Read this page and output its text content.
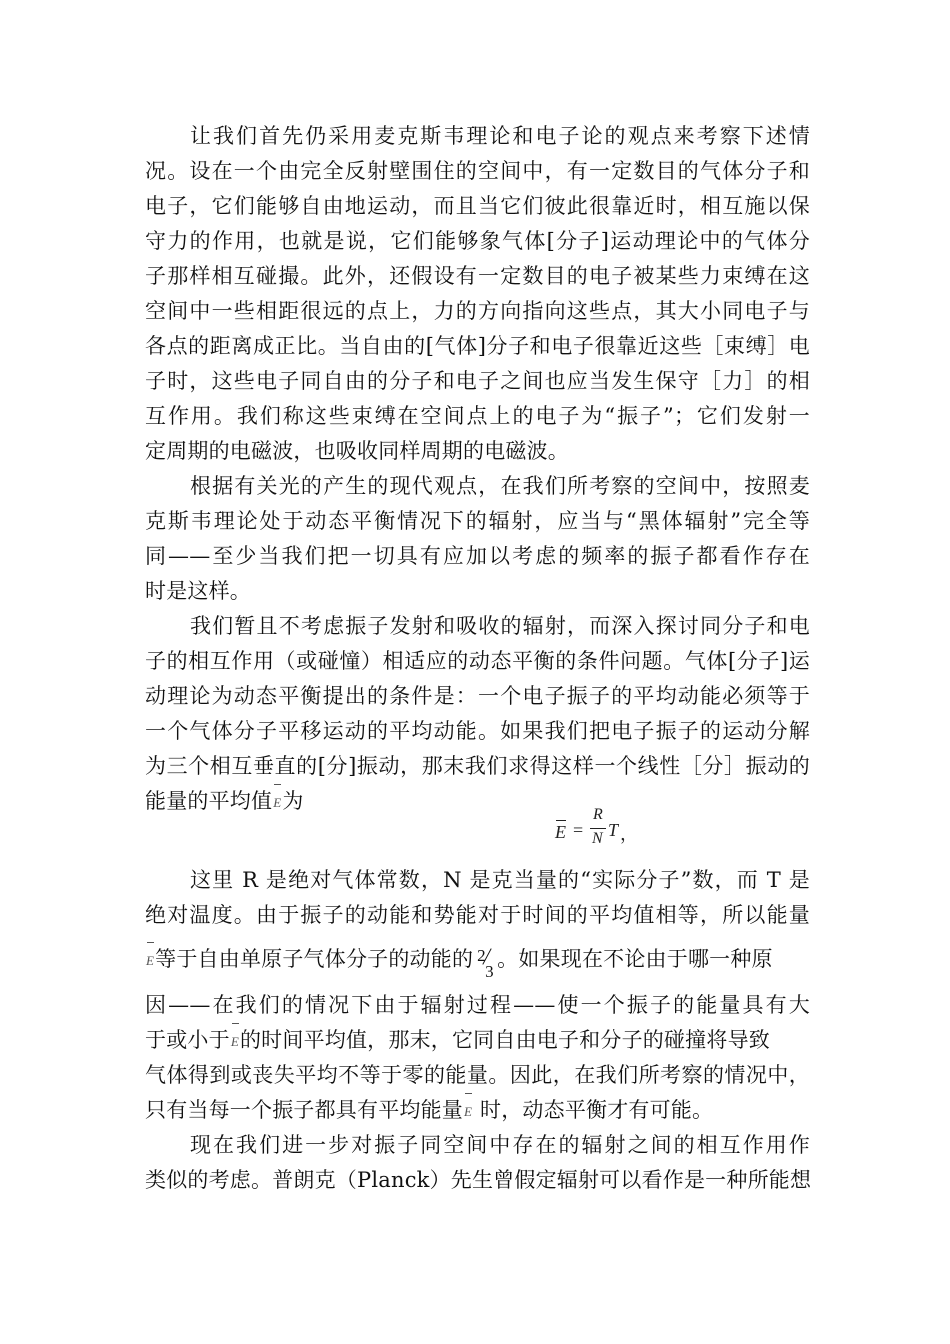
让我们首先仍采用麦克斯韦理论和电子论的观点来考察下述情
况。设在一个由完全反射壁围住的空间中，有一定数目的气体分子和
电子，它们能够自由地运动，而且当它们彼此很靠近时，相互施以保
守力的作用，也就是说，它们能够象气体[分子]运动理论中的气体分
子那样相互碰撮。此外，还假设有一定数目的电子被某些力束缚在这
空间中一些相距很远的点上，力的方向指向这些点，其大小同电子与
各点的距离成正比。当自由的[气体]分子和电子很靠近这些［束缚］电
子时，这些电子同自由的分子和电子之间也应当发生保守［力］的相
互作用。我们称这些束缚在空间点上的电子为“振子”；它们发射一
定周期的电磁波，也吸收同样周期的电磁波。
根据有关光的产生的现代观点，在我们所考察的空间中，按照麦
克斯韦理论处于动态平衡情况下的辐射，应当与“黑体辐射”完全等
同——至少当我们把一切具有应加以考虑的频率的振子都看作存在
时是这样。
我们暂且不考虑振子发射和吸收的辐射，而深入探讨同分子和电
子的相互作用（或碰憧）相适应的动态平衡的条件问题。气体[分子]运
动理论为动态平衡提出的条件是：一个电子振子的平均动能必须等于
一个气体分子平移运动的平均动能。如果我们把电子振子的运动分解
为三个相互垂直的[分]振动，那末我们求得这样一个线性［分］振动的
能量的平均值E为
E =
R
N T ，
这里 R 是绝对气体常数，N 是克当量的“实际分子”数，而 T 是
绝对温度。由于振子的动能和势能对于时间的平均值相等，所以能量
E等于自由单原子气体分子的动能的 2
3
。如果现在不论由于哪一种原
因——在我们的情况下由于辐射过程——使一个振子的能量具有大
于或小于E的时间平均值，那末，它同自由电子和分子的碰撞将导致
气体得到或丧失平均不等于零的能量。因此，在我们所考察的情况中，
只有当每一个振子都具有平均能量E 时，动态平衡才有可能。
现在我们进一步对振子同空间中存在的辐射之间的相互作用作
类似的考虑。普朗克（Planck）先生曾假定辐射可以看作是一种所能想
